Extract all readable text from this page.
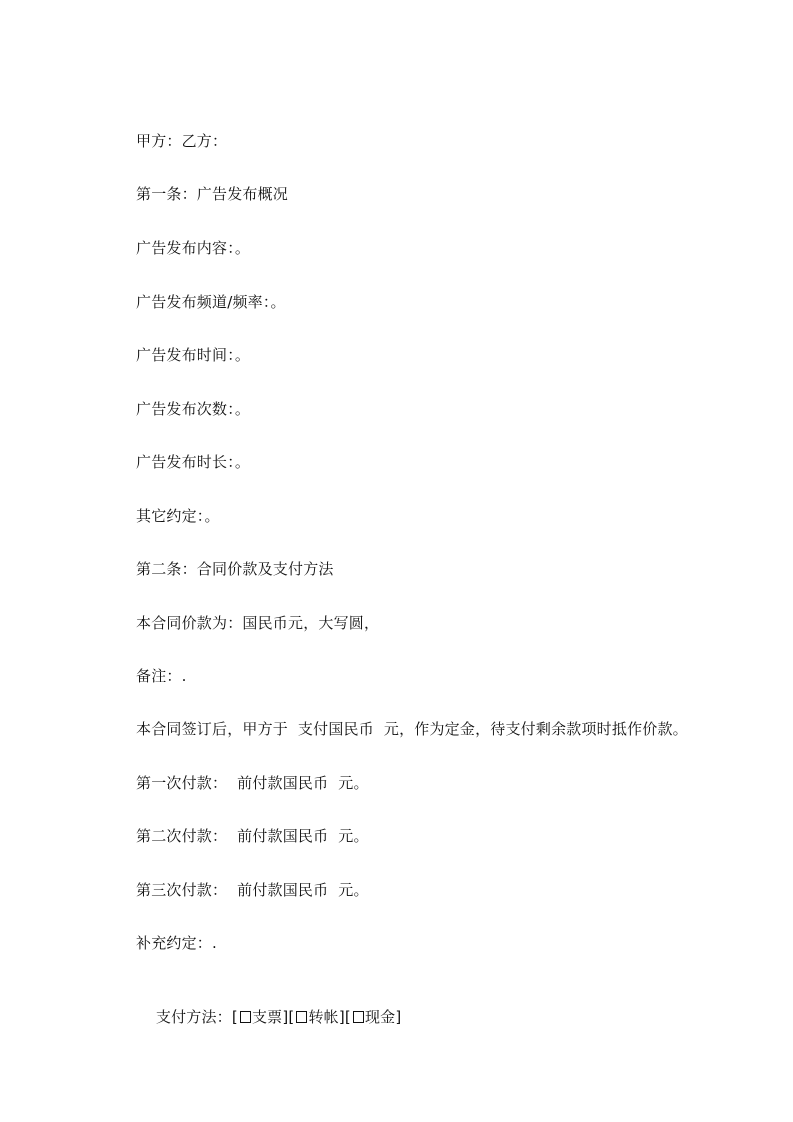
甲方：乙方：
第一条：广告发布概况
广告发布内容：。
广告发布频道/频率：。
广告发布时间：。
广告发布次数：。
广告发布时长：。
其它约定：。
第二条：合同价款及支付方法
本合同价款为：国民币元，大写圆，
备注：.
本合同签订后，甲方于  支付国民币  元，作为定金，待支付剩余款项时抵作价款。
第一次付款：  前付款国民币  元。
第二次付款：  前付款国民币  元。
第三次付款：  前付款国民币  元。
补充约定：.

支付方法：[ 支票][ 转帐][ 现金]
